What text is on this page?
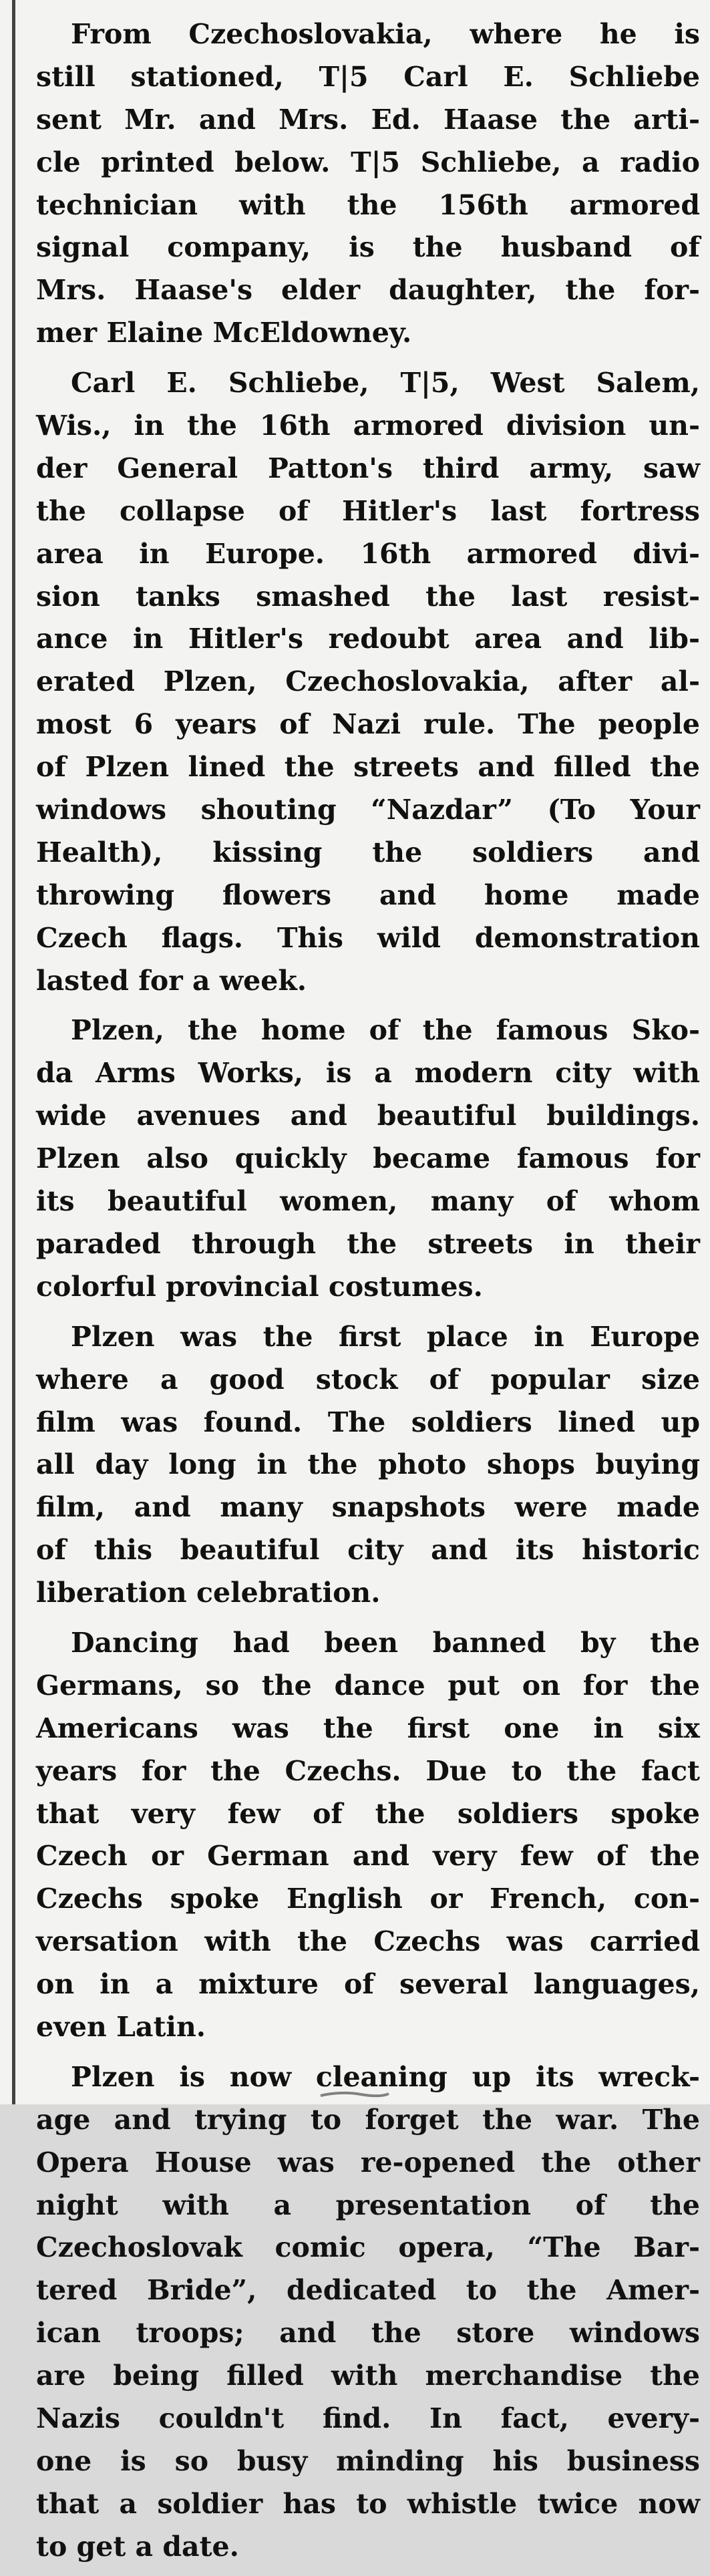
From Czechoslovakia, where he is
still stationed, T|5 Carl E. Schliebe
sent Mr. and Mrs. Ed. Haase the arti-
cle printed below. T|5 Schliebe, a radio
technician with the 156th armored
signal company, is the husband of
Mrs. Haase's elder daughter, the for-
mer Elaine McEldowney.
Carl E. Schliebe, T|5, West Salem,
Wis., in the 16th armored division un-
der General Patton's third army, saw
the collapse of Hitler's last fortress
area in Europe. 16th armored divi-
sion tanks smashed the last resist-
ance in Hitler's redoubt area and lib-
erated Plzen, Czechoslovakia, after al-
most 6 years of Nazi rule. The people
of Plzen lined the streets and filled the
windows shouting “Nazdar” (To Your
Health), kissing the soldiers and
throwing flowers and home made
Czech flags. This wild demonstration
lasted for a week.
Plzen, the home of the famous Sko-
da Arms Works, is a modern city with
wide avenues and beautiful buildings.
Plzen also quickly became famous for
its beautiful women, many of whom
paraded through the streets in their
colorful provincial costumes.
Plzen was the first place in Europe
where a good stock of popular size
film was found. The soldiers lined up
all day long in the photo shops buying
film, and many snapshots were made
of this beautiful city and its historic
liberation celebration.
Dancing had been banned by the
Germans, so the dance put on for the
Americans was the first one in six
years for the Czechs. Due to the fact
that very few of the soldiers spoke
Czech or German and very few of the
Czechs spoke English or French, con-
versation with the Czechs was carried
on in a mixture of several languages,
even Latin.
Plzen is now cleaning up its wreck-
age and trying to forget the war. The
Opera House was re-opened the other
night with a presentation of the
Czechoslovak comic opera, “The Bar-
tered Bride”, dedicated to the Amer-
ican troops; and the store windows
are being filled with merchandise the
Nazis couldn't find. In fact, every-
one is so busy minding his business
that a soldier has to whistle twice now
to get a date.
